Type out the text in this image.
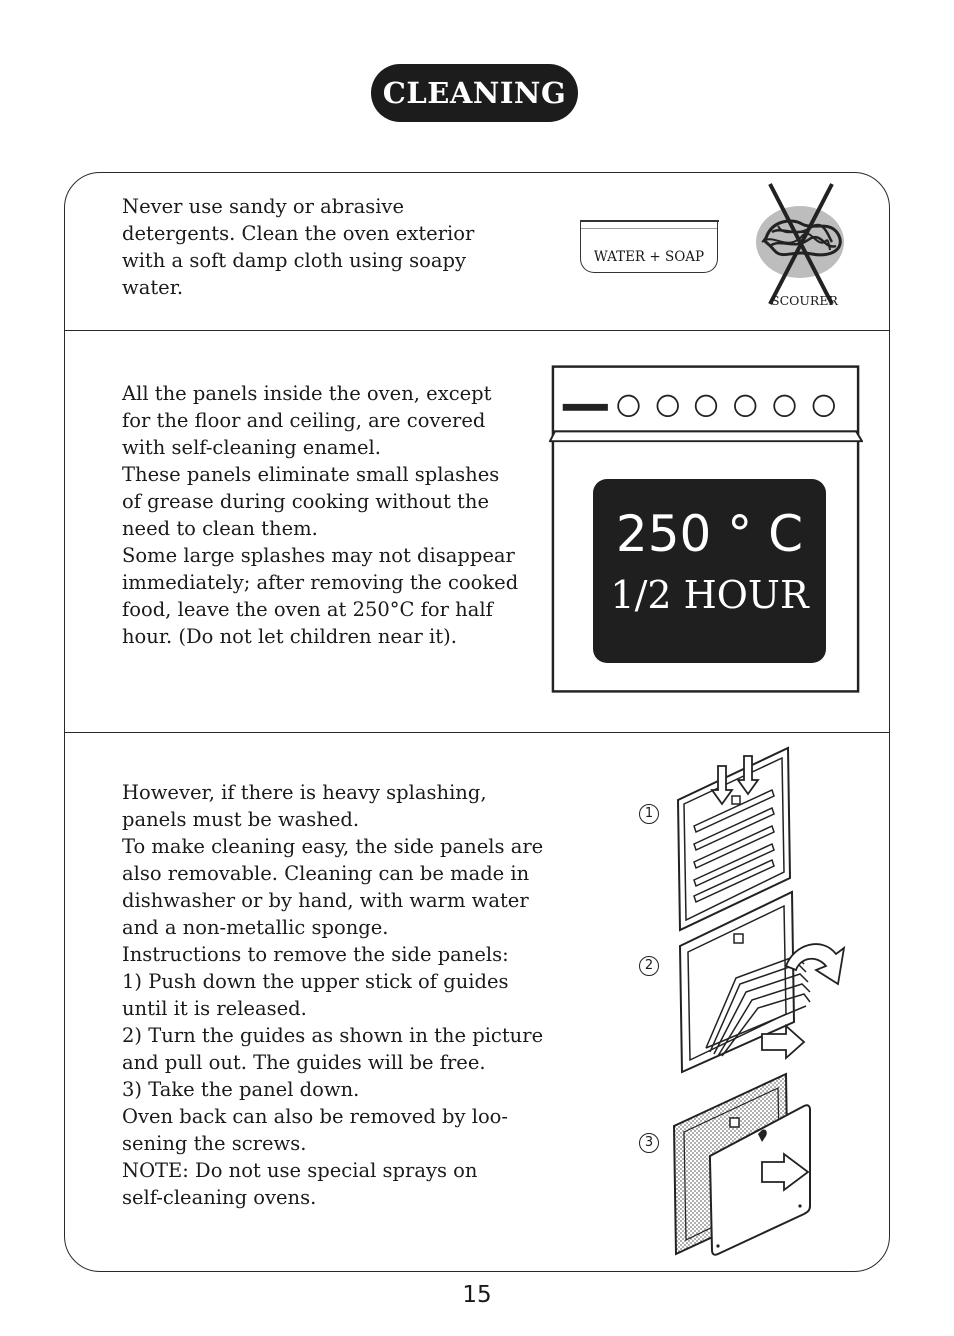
CLEANING

Never use sandy or abrasive

detergents. Clean the oven exterior

with a soft damp cloth using soapy

water.

WATER + SOAP
SCOURER

All the panels inside the oven, except

for the floor and ceiling, are covered

with self-cleaning enamel.

These panels eliminate small splashes

of grease during cooking without the

need to clean them.

Some large splashes may not disappear

immediately; after removing the cooked

food, leave the oven at 250°C for half

hour. (Do not let children near it).

250 ° C
1/2 HOUR

However, if there is heavy splashing,

panels must be washed.

To make cleaning easy, the side panels are

also removable. Cleaning can be made in

dishwasher or by hand, with warm water

and a non-metallic sponge.

Instructions to remove the side panels:

1) Push down the upper stick of guides

until it is released.

2) Turn the guides as shown in the picture

and pull out. The guides will be free.

3) Take the panel down.

Oven back can also be removed by loo-

sening the screws.

NOTE: Do not use special sprays on

self-cleaning ovens.

1
2
3
15
